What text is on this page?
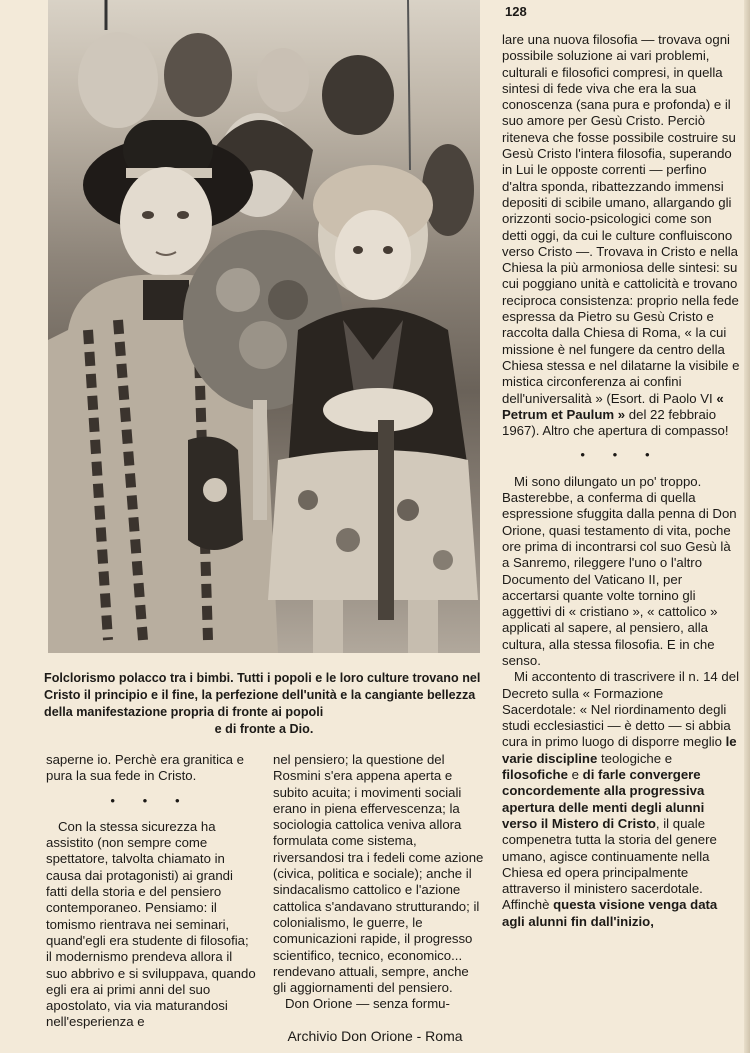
128

Folclorismo polacco tra i bimbi. Tutti i popoli e le loro culture trovano nel Cristo il principio e il fine, la perfezione dell'unità e la cangiante bellezza della manifestazione propria di fronte ai popoli

e di fronte a Dio.

lare una nuova filosofia — trovava ogni possibile soluzione ai vari problemi, culturali e filosofici compresi, in quella sintesi di fede viva che era la sua conoscenza (sana pura e profonda) e il suo amore per Gesù Cristo. Perciò riteneva che fosse possibile costruire su Gesù Cristo l'intera filosofia, superando in Lui le opposte correnti — perfino d'altra sponda, ribattezzando immensi depositi di scibile umano, allargando gli orizzonti socio-psicologici come son detti oggi, da cui le culture confluiscono verso Cristo —. Trovava in Cristo e nella Chiesa la più armoniosa delle sintesi: su cui poggiano unità e cattolicità e trovano reciproca consistenza: proprio nella fede espressa da Pietro su Gesù Cristo e raccolta dalla Chiesa di Roma, « la cui missione è nel fungere da centro della Chiesa stessa e nel dilatarne la visibile e mistica circonferenza ai confini dell'universalità » (Esort. di Paolo VI « Petrum et Paulum » del 22 febbraio 1967). Altro che apertura di compasso!

• • •

Mi sono dilungato un po' troppo. Basterebbe, a conferma di quella espressione sfuggita dalla penna di Don Orione, quasi testamento di vita, poche ore prima di incontrarsi col suo Gesù là a Sanremo, rileggere l'uno o l'altro Documento del Vaticano II, per accertarsi quante volte tornino gli aggettivi di « cristiano », « cattolico » applicati al sapere, al pensiero, alla cultura, alla stessa filosofia. E in che senso.

Mi accontento di trascrivere il n. 14 del Decreto sulla « Formazione Sacerdotale: « Nel riordinamento degli studi ecclesiastici — è detto — si abbia cura in primo luogo di disporre meglio le varie discipline teologiche e filosofiche e di farle convergere concordemente alla progressiva apertura delle menti degli alunni verso il Mistero di Cristo, il quale compenetra tutta la storia del genere umano, agisce continuamente nella Chiesa ed opera principalmente attraverso il ministero sacerdotale. Affinchè questa visione venga data agli alunni fin dall'inizio,

saperne io. Perchè era granitica e pura la sua fede in Cristo.

• • •

Con la stessa sicurezza ha assistito (non sempre come spettatore, talvolta chiamato in causa dai protagonisti) ai grandi fatti della storia e del pensiero contemporaneo. Pensiamo: il tomismo rientrava nei seminari, quand'egli era studente di filosofia; il modernismo prendeva allora il suo abbrivo e si sviluppava, quando egli era ai primi anni del suo apostolato, via via maturandosi nell'esperienza e

nel pensiero; la questione del Rosmini s'era appena aperta e subito acuita; i movimenti sociali erano in piena effervescenza; la sociologia cattolica veniva allora formulata come sistema, riversandosi tra i fedeli come azione (civica, politica e sociale); anche il sindacalismo cattolico e l'azione cattolica s'andavano strutturando; il colonialismo, le guerre, le comunicazioni rapide, il progresso scientifico, tecnico, economico... rendevano attuali, sempre, anche gli aggiornamenti del pensiero.

Don Orione — senza formu-

Archivio Don Orione - Roma
